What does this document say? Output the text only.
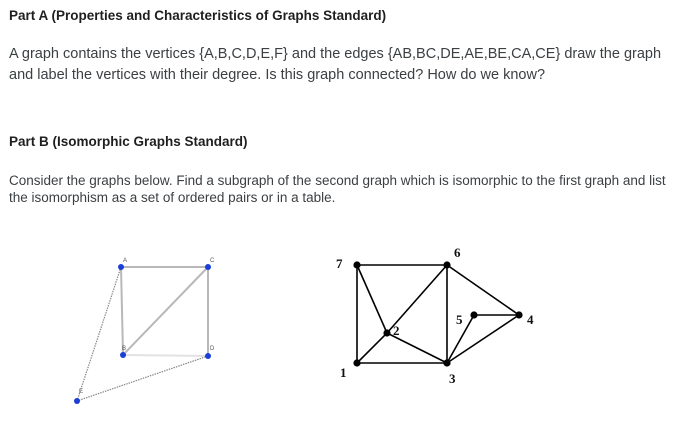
Part A (Properties and Characteristics of Graphs Standard)

A graph contains the vertices {A,B,C,D,E,F} and the edges {AB,BC,DE,AE,BE,CA,CE} draw the graph and label the vertices with their degree. Is this graph connected? How do we know?

Part B (Isomorphic Graphs Standard)

Consider the graphs below. Find a subgraph of the second graph which is isomorphic to the first graph and list the isomorphism as a set of ordered pairs or in a table.

A
B
C
D
E
7
6
2
1	3
5	4
